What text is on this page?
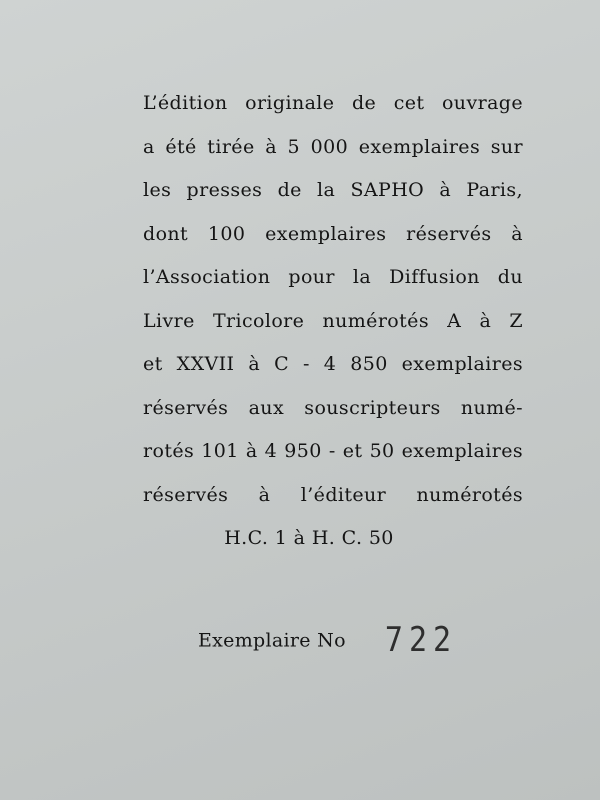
L’édition originale de cet ouvrage
a été tirée à 5 000 exemplaires sur
les presses de la SAPHO à Paris,
dont 100 exemplaires réservés à
l’Association pour la Diffusion du
Livre Tricolore numérotés A à Z
et XXVII à C - 4 850 exemplaires
réservés aux souscripteurs numé-
rotés 101 à 4 950 - et 50 exemplaires
réservés à l’éditeur numérotés
H.C. 1 à H. C. 50
Exemplaire No 722
